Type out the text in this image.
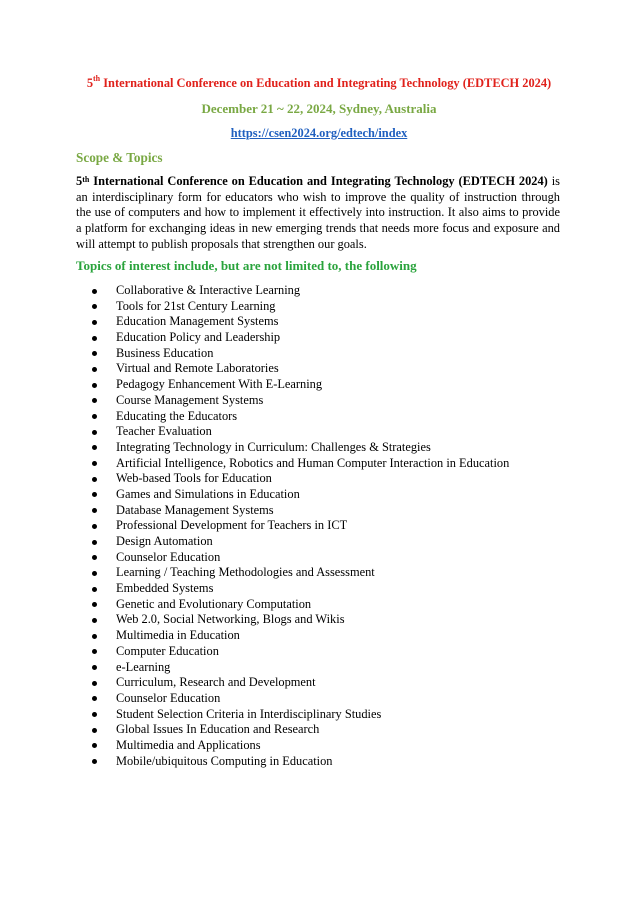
5th International Conference on Education and Integrating Technology (EDTECH 2024)
December 21 ~ 22, 2024, Sydney, Australia
https://csen2024.org/edtech/index
Scope & Topics
5th International Conference on Education and Integrating Technology (EDTECH 2024) is an interdisciplinary form for educators who wish to improve the quality of instruction through the use of computers and how to implement it effectively into instruction. It also aims to provide a platform for exchanging ideas in new emerging trends that needs more focus and exposure and will attempt to publish proposals that strengthen our goals.
Topics of interest include, but are not limited to, the following
Collaborative & Interactive Learning
Tools for 21st Century Learning
Education Management Systems
Education Policy and Leadership
Business Education
Virtual and Remote Laboratories
Pedagogy Enhancement With E-Learning
Course Management Systems
Educating the Educators
Teacher Evaluation
Integrating Technology in Curriculum: Challenges & Strategies
Artificial Intelligence, Robotics and Human Computer Interaction in Education
Web-based Tools for Education
Games and Simulations in Education
Database Management Systems
Professional Development for Teachers in ICT
Design Automation
Counselor Education
Learning / Teaching Methodologies and Assessment
Embedded Systems
Genetic and Evolutionary Computation
Web 2.0, Social Networking, Blogs and Wikis
Multimedia in Education
Computer Education
e-Learning
Curriculum, Research and Development
Counselor Education
Student Selection Criteria in Interdisciplinary Studies
Global Issues In Education and Research
Multimedia and Applications
Mobile/ubiquitous Computing in Education
